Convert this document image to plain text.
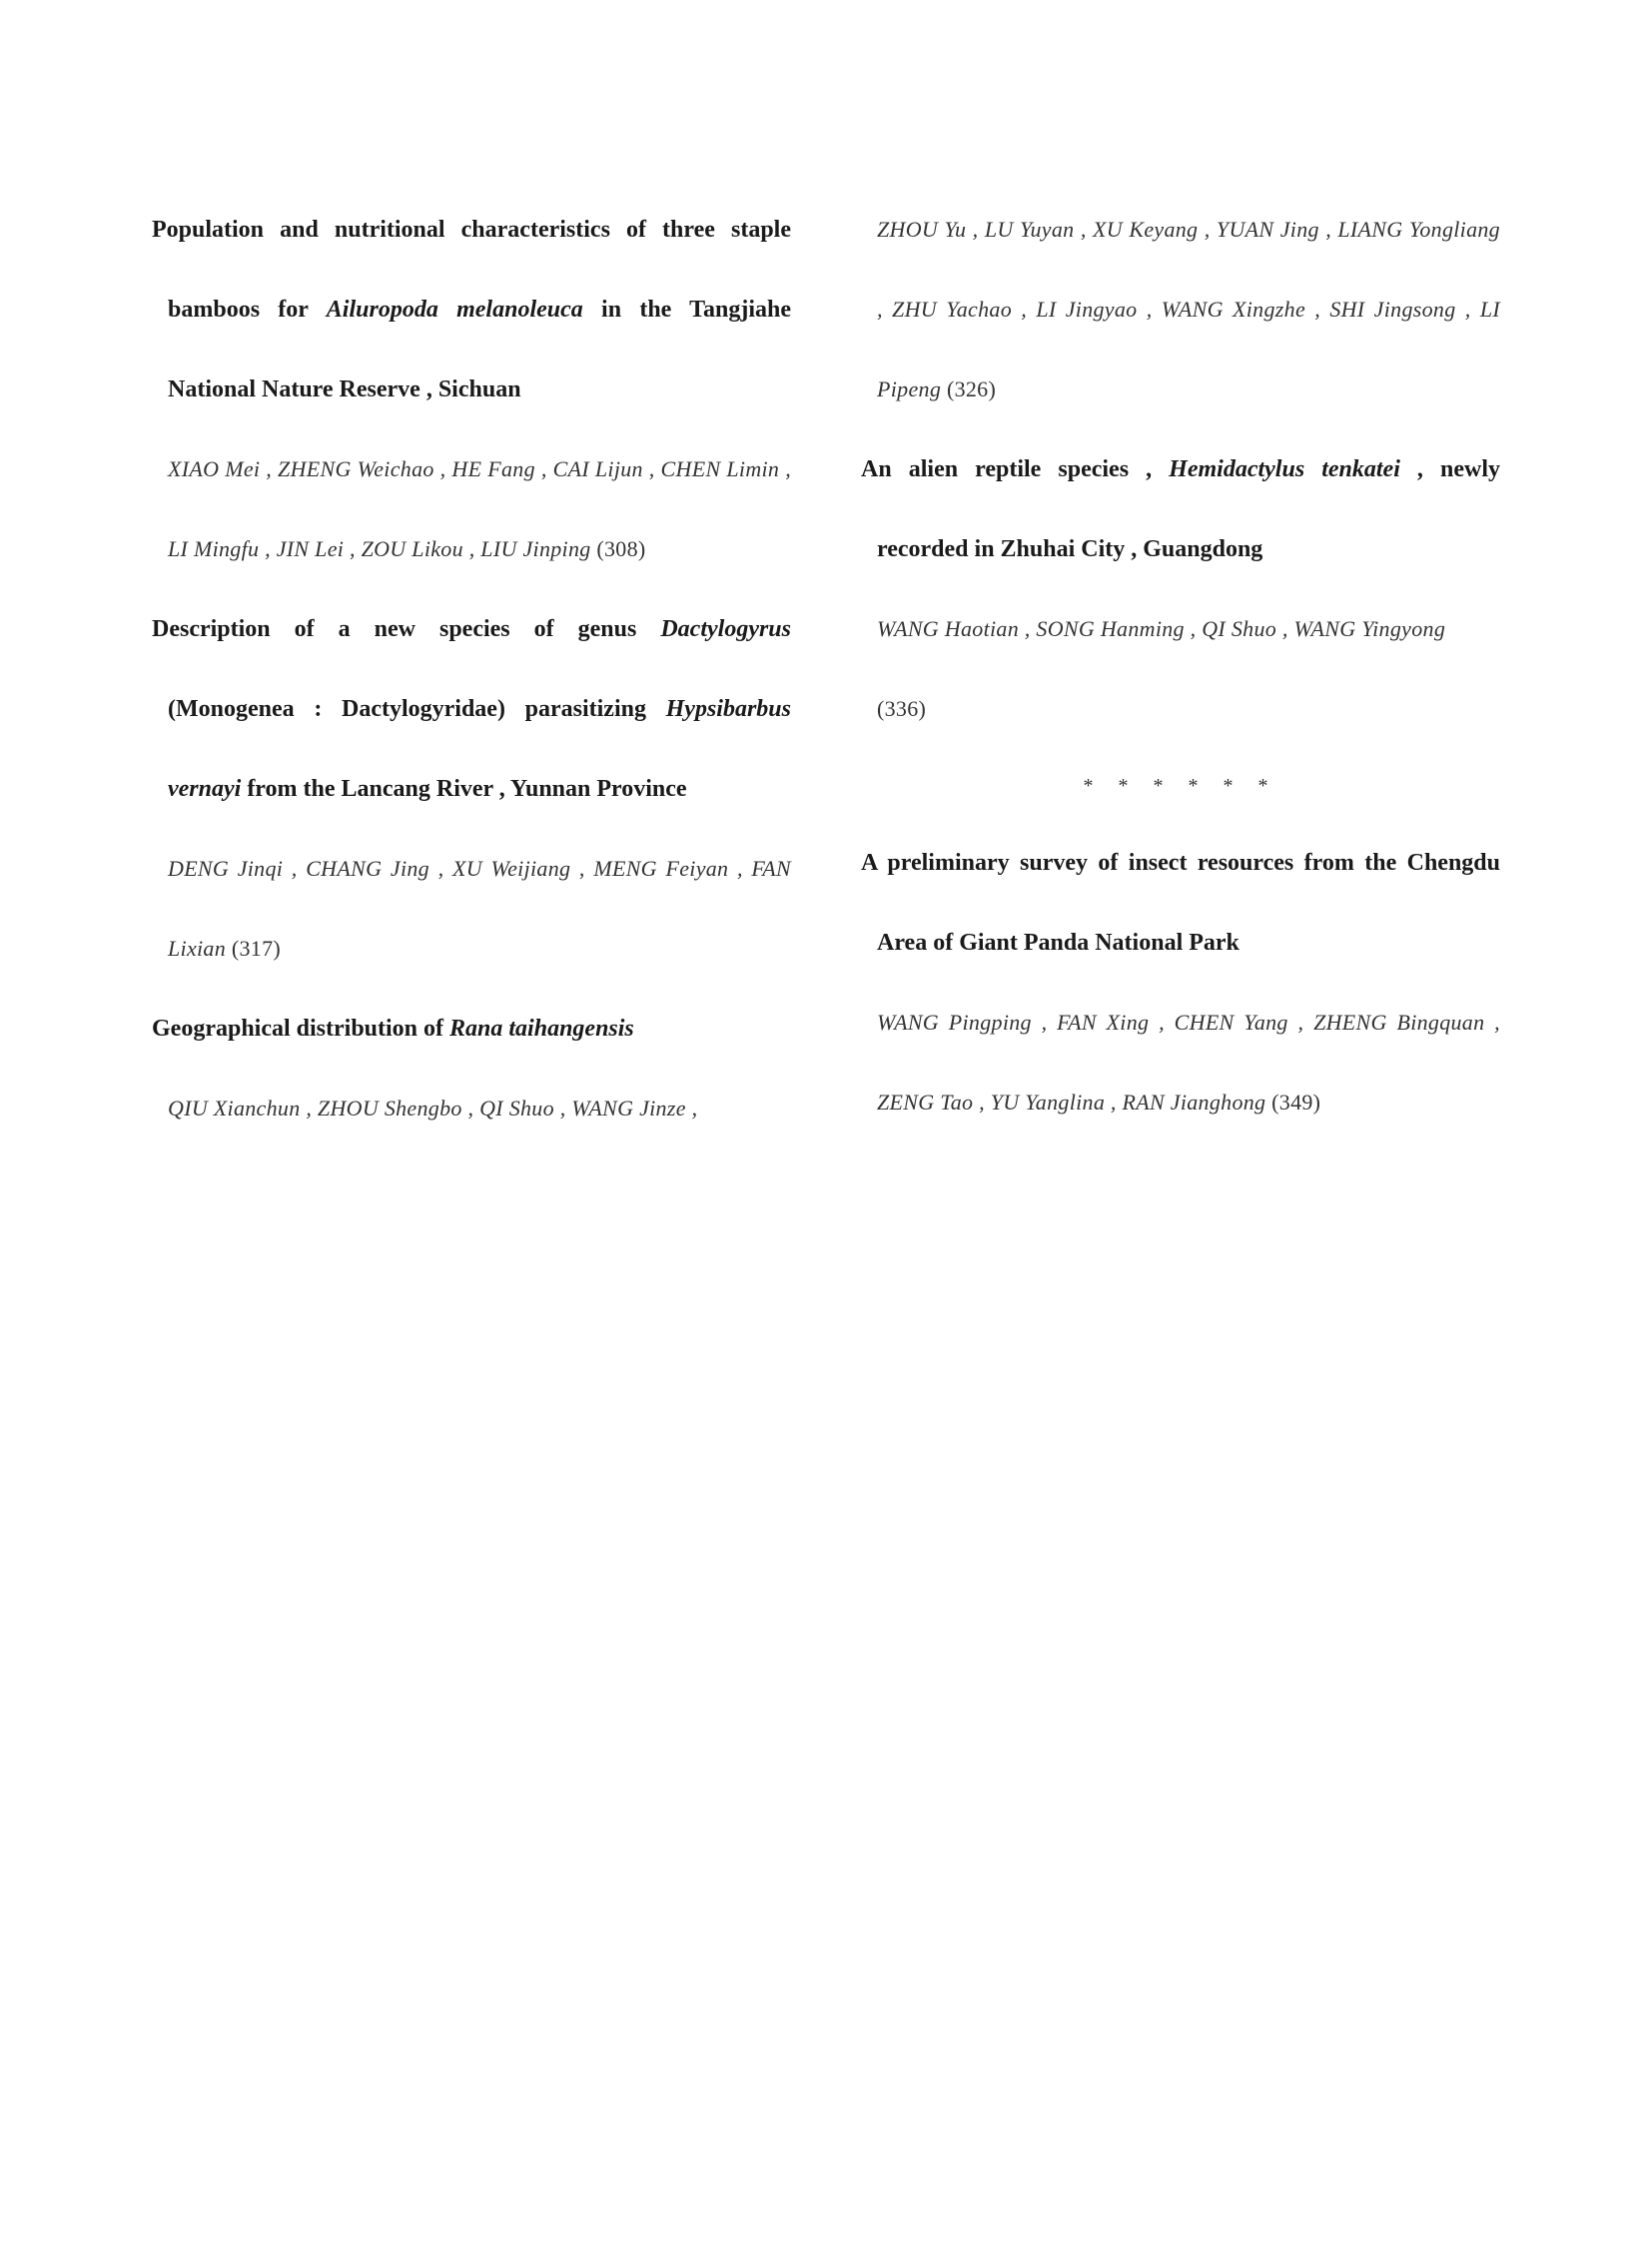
Population and nutritional characteristics of three staple bamboos for Ailuropoda melanoleuca in the Tangjiahe National Nature Reserve , Sichuan

XIAO Mei , ZHENG Weichao , HE Fang , CAI Lijun , CHEN Limin , LI Mingfu , JIN Lei , ZOU Likou , LIU Jinping (308)

Description of a new species of genus Dactylogyrus (Monogenea : Dactylogyridae) parasitizing Hypsibarbus vernayi from the Lancang River , Yunnan Province

DENG Jinqi , CHANG Jing , XU Weijiang , MENG Feiyan , FAN Lixian (317)

Geographical distribution of Rana taihangensis

QIU Xianchun , ZHOU Shengbo , QI Shuo , WANG Jinze ,

ZHOU Yu , LU Yuyan , XU Keyang , YUAN Jing , LIANG Yongliang , ZHU Yachao , LI Jingyao , WANG Xingzhe , SHI Jingsong , LI Pipeng (326)

An alien reptile species , Hemidactylus tenkatei , newly recorded in Zhuhai City , Guangdong

WANG Haotian , SONG Hanming , QI Shuo , WANG Yingyong
(336)

* * * * * *

A preliminary survey of insect resources from the Chengdu Area of Giant Panda National Park

WANG Pingping , FAN Xing , CHEN Yang , ZHENG Bingquan , ZENG Tao , YU Yanglina , RAN Jianghong (349)
